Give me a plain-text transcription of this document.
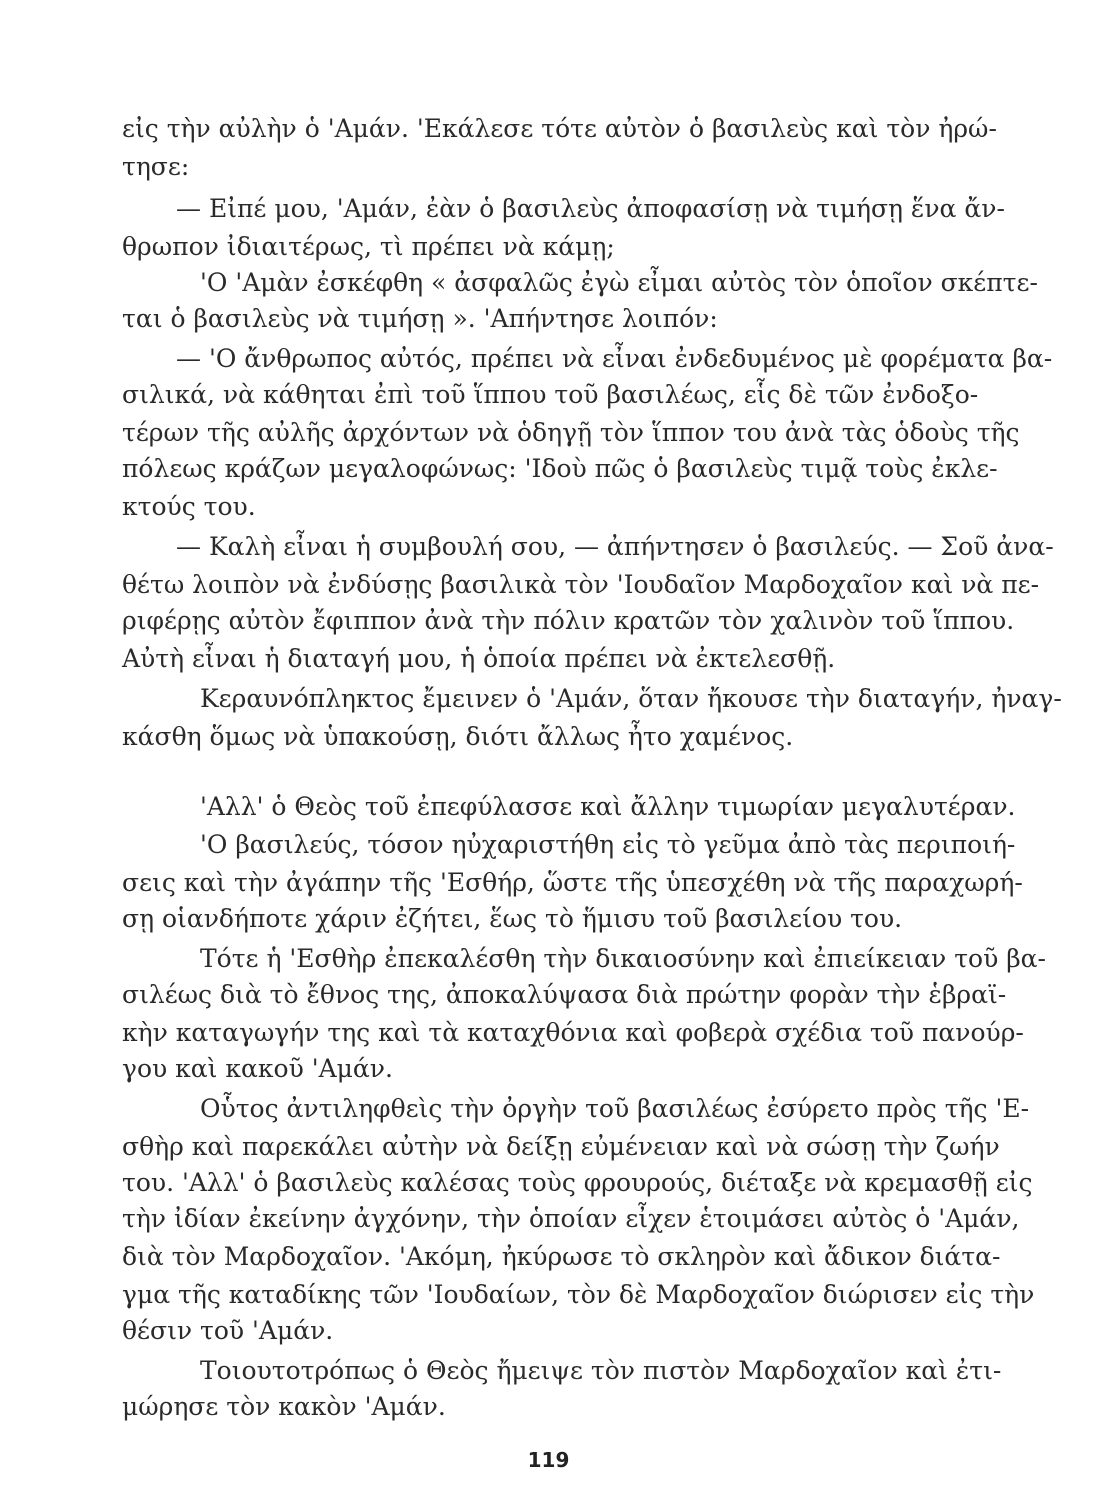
εἰς τὴν αὐλὴν ὁ 'Αμάν. 'Εκάλεσε τότε αὐτὸν ὁ βασιλεὺς καὶ τὸν ἠρώ-
τησε:
— Εἰπέ μου, 'Αμάν, ἐὰν ὁ βασιλεὺς ἀποφασίσῃ νὰ τιμήσῃ ἕνα ἄν-
θρωπον ἰδιαιτέρως, τὶ πρέπει νὰ κάμῃ;
'Ο 'Αμὰν ἐσκέφθη « ἀσφαλῶς ἐγὼ εἶμαι αὐτὸς τὸν ὁποῖον σκέπτε-
ται ὁ βασιλεὺς νὰ τιμήσῃ ». 'Απήντησε λοιπόν:
— 'Ο ἄνθρωπος αὐτός, πρέπει νὰ εἶναι ἐνδεδυμένος μὲ φορέματα βα-
σιλικά, νὰ κάθηται ἐπὶ τοῦ ἵππου τοῦ βασιλέως, εἷς δὲ τῶν ἐνδοξο-
τέρων τῆς αὐλῆς ἀρχόντων νὰ ὁδηγῇ τὸν ἵππον του ἀνὰ τὰς ὁδοὺς τῆς
πόλεως κράζων μεγαλοφώνως: 'Ιδοὺ πῶς ὁ βασιλεὺς τιμᾷ τοὺς ἐκλε-
κτούς του.
— Καλὴ εἶναι ἡ συμβουλή σου, — ἀπήντησεν ὁ βασιλεύς. — Σοῦ ἀνα-
θέτω λοιπὸν νὰ ἐνδύσῃς βασιλικὰ τὸν 'Ιουδαῖον Μαρδοχαῖον καὶ νὰ πε-
ριφέρῃς αὐτὸν ἔφιππον ἀνὰ τὴν πόλιν κρατῶν τὸν χαλινὸν τοῦ ἵππου.
Αὐτὴ εἶναι ἡ διαταγή μου, ἡ ὁποία πρέπει νὰ ἐκτελεσθῇ.
Κεραυνόπληκτος ἔμεινεν ὁ 'Αμάν, ὅταν ἤκουσε τὴν διαταγήν, ἠναγ-
κάσθη ὅμως νὰ ὑπακούσῃ, διότι ἄλλως ἦτο χαμένος.
'Αλλ' ὁ Θεὸς τοῦ ἐπεφύλασσε καὶ ἄλλην τιμωρίαν μεγαλυτέραν.
'Ο βασιλεύς, τόσον ηὐχαριστήθη εἰς τὸ γεῦμα ἀπὸ τὰς περιποιή-
σεις καὶ τὴν ἀγάπην τῆς 'Εσθήρ, ὥστε τῆς ὑπεσχέθη νὰ τῆς παραχωρή-
σῃ οἱανδήποτε χάριν ἐζήτει, ἕως τὸ ἥμισυ τοῦ βασιλείου του.
Τότε ἡ 'Εσθὴρ ἐπεκαλέσθη τὴν δικαιοσύνην καὶ ἐπιείκειαν τοῦ βα-
σιλέως διὰ τὸ ἔθνος της, ἀποκαλύψασα διὰ πρώτην φορὰν τὴν ἑβραϊ-
κὴν καταγωγήν της καὶ τὰ καταχθόνια καὶ φοβερὰ σχέδια τοῦ πανούρ-
γου καὶ κακοῦ 'Αμάν.
Οὗτος ἀντιληφθεὶς τὴν ὀργὴν τοῦ βασιλέως ἐσύρετο πρὸς τῆς 'Ε-
σθὴρ καὶ παρεκάλει αὐτὴν νὰ δείξῃ εὐμένειαν καὶ νὰ σώσῃ τὴν ζωήν
του. 'Αλλ' ὁ βασιλεὺς καλέσας τοὺς φρουρούς, διέταξε νὰ κρεμασθῇ εἰς
τὴν ἰδίαν ἐκείνην ἀγχόνην, τὴν ὁποίαν εἶχεν ἑτοιμάσει αὐτὸς ὁ 'Αμάν,
διὰ τὸν Μαρδοχαῖον. 'Ακόμη, ἠκύρωσε τὸ σκληρὸν καὶ ἄδικον διάτα-
γμα τῆς καταδίκης τῶν 'Ιουδαίων, τὸν δὲ Μαρδοχαῖον διώρισεν εἰς τὴν
θέσιν τοῦ 'Αμάν.
Τοιουτοτρόπως ὁ Θεὸς ἤμειψε τὸν πιστὸν Μαρδοχαῖον καὶ ἐτι-
μώρησε τὸν κακὸν 'Αμάν.
119
